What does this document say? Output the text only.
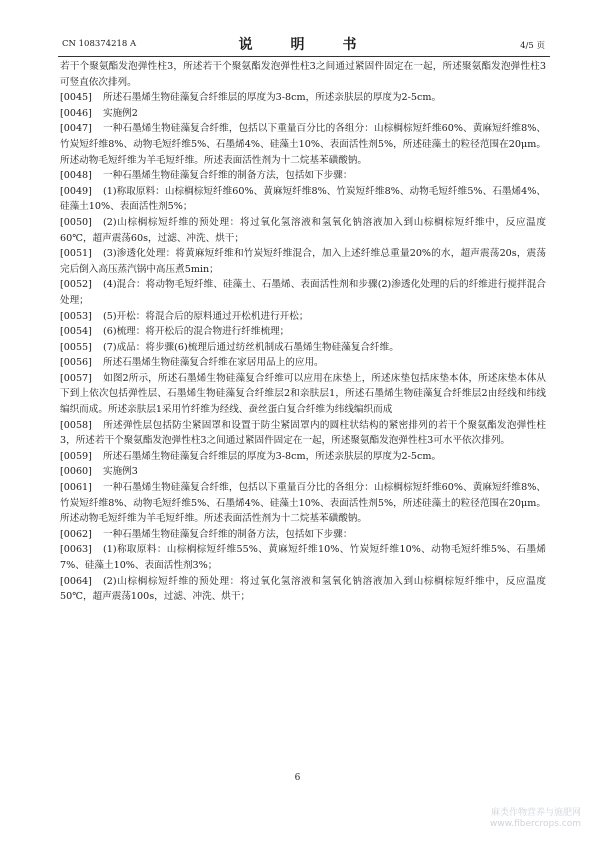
CN 108374218 A	说　明　书	4/5 页

若干个聚氨酯发泡弹性柱3，所述若干个聚氨酯发泡弹性柱3之间通过紧固件固定在一起，所述聚氨酯发泡弹性柱3可竖直依次排列。

[0045] 所述石墨烯生物硅藻复合纤维层的厚度为3-8cm，所述亲肤层的厚度为2-5cm。

[0046] 实施例2

[0047] 一种石墨烯生物硅藻复合纤维，包括以下重量百分比的各组分：山棕榈棕短纤维60%、黄麻短纤维8%、竹炭短纤维8%、动物毛短纤维5%、石墨烯4%、硅藻土10%、表面活性剂5%，所述硅藻土的粒径范围在20μm。所述动物毛短纤维为羊毛短纤维。所述表面活性剂为十二烷基苯磺酸钠。

[0048] 一种石墨烯生物硅藻复合纤维的制备方法，包括如下步骤：

[0049] (1)称取原料：山棕榈棕短纤维60%、黄麻短纤维8%、竹炭短纤维8%、动物毛短纤维5%、石墨烯4%、硅藻土10%、表面活性剂5%；

[0050] (2)山棕榈棕短纤维的预处理：将过氧化氢溶液和氢氧化钠溶液加入到山棕榈棕短纤维中，反应温度60℃，超声震荡60s，过滤、冲洗、烘干；

[0051] (3)渗透化处理：将黄麻短纤维和竹炭短纤维混合，加入上述纤维总重量20%的水，超声震荡20s，震荡完后倒入高压蒸汽锅中高压煮5min；

[0052] (4)混合：将动物毛短纤维、硅藻土、石墨烯、表面活性剂和步骤(2)渗透化处理的后的纤维进行搅拌混合处理；

[0053] (5)开松：将混合后的原料通过开松机进行开松；

[0054] (6)梳理：将开松后的混合物进行纤维梳理；

[0055] (7)成品：将步骤(6)梳理后通过纺丝机制成石墨烯生物硅藻复合纤维。

[0056] 所述石墨烯生物硅藻复合纤维在家居用品上的应用。

[0057] 如图2所示，所述石墨烯生物硅藻复合纤维可以应用在床垫上，所述床垫包括床垫本体，所述床垫本体从下到上依次包括弹性层、石墨烯生物硅藻复合纤维层2和亲肤层1，所述石墨烯生物硅藻复合纤维层2由经线和纬线编织而成。所述亲肤层1采用竹纤维为经线、蚕丝蛋白复合纤维为纬线编织而成

[0058] 所述弹性层包括防尘紧固罩和设置于防尘紧固罩内的圆柱状结构的紧密排列的若干个聚氨酯发泡弹性柱3，所述若干个聚氨酯发泡弹性柱3之间通过紧固件固定在一起，所述聚氨酯发泡弹性柱3可水平依次排列。

[0059] 所述石墨烯生物硅藻复合纤维层的厚度为3-8cm，所述亲肤层的厚度为2-5cm。

[0060] 实施例3

[0061] 一种石墨烯生物硅藻复合纤维，包括以下重量百分比的各组分：山棕榈棕短纤维60%、黄麻短纤维8%、竹炭短纤维8%、动物毛短纤维5%、石墨烯4%、硅藻土10%、表面活性剂5%，所述硅藻土的粒径范围在20μm。所述动物毛短纤维为羊毛短纤维。所述表面活性剂为十二烷基苯磺酸钠。

[0062] 一种石墨烯生物硅藻复合纤维的制备方法，包括如下步骤：

[0063] (1)称取原料：山棕榈棕短纤维55%、黄麻短纤维10%、竹炭短纤维10%、动物毛短纤维5%、石墨烯7%、硅藻土10%、表面活性剂3%；

[0064] (2)山棕榈棕短纤维的预处理：将过氧化氢溶液和氢氧化钠溶液加入到山棕榈棕短纤维中，反应温度50℃，超声震荡100s，过滤、冲洗、烘干；

6
麻类作物营养与施肥网
www.fibercrops.com
